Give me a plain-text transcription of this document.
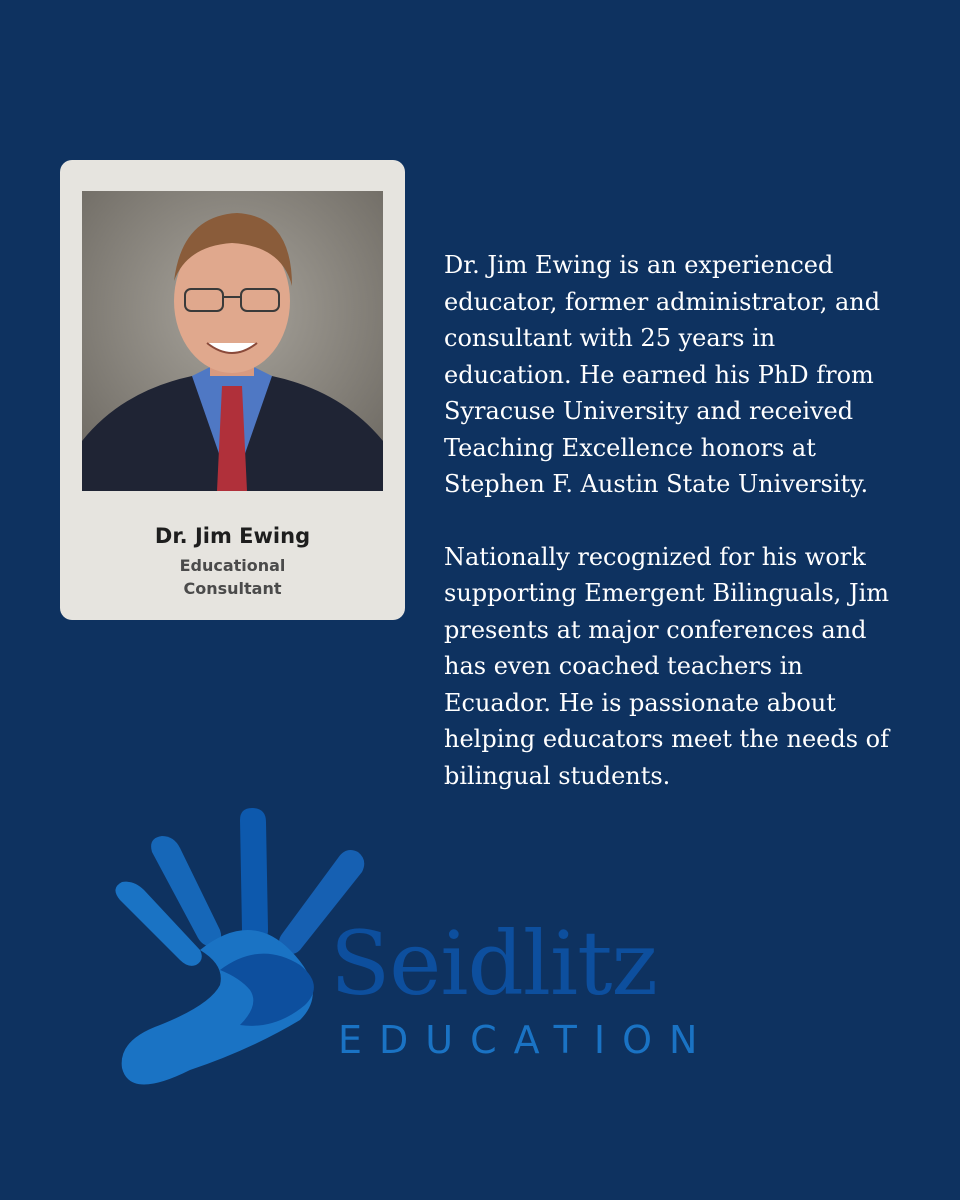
Dr. Jim Ewing
Educational
Consultant

Dr. Jim Ewing is an experienced educator, former administrator, and consultant with 25 years in education. He earned his PhD from Syracuse University and received Teaching Excellence honors at Stephen F. Austin State University.

Nationally recognized for his work supporting Emergent Bilinguals, Jim presents at major conferences and has even coached teachers in Ecuador. He is passionate about helping educators meet the needs of bilingual students.

Seidlitz
EDUCATION
